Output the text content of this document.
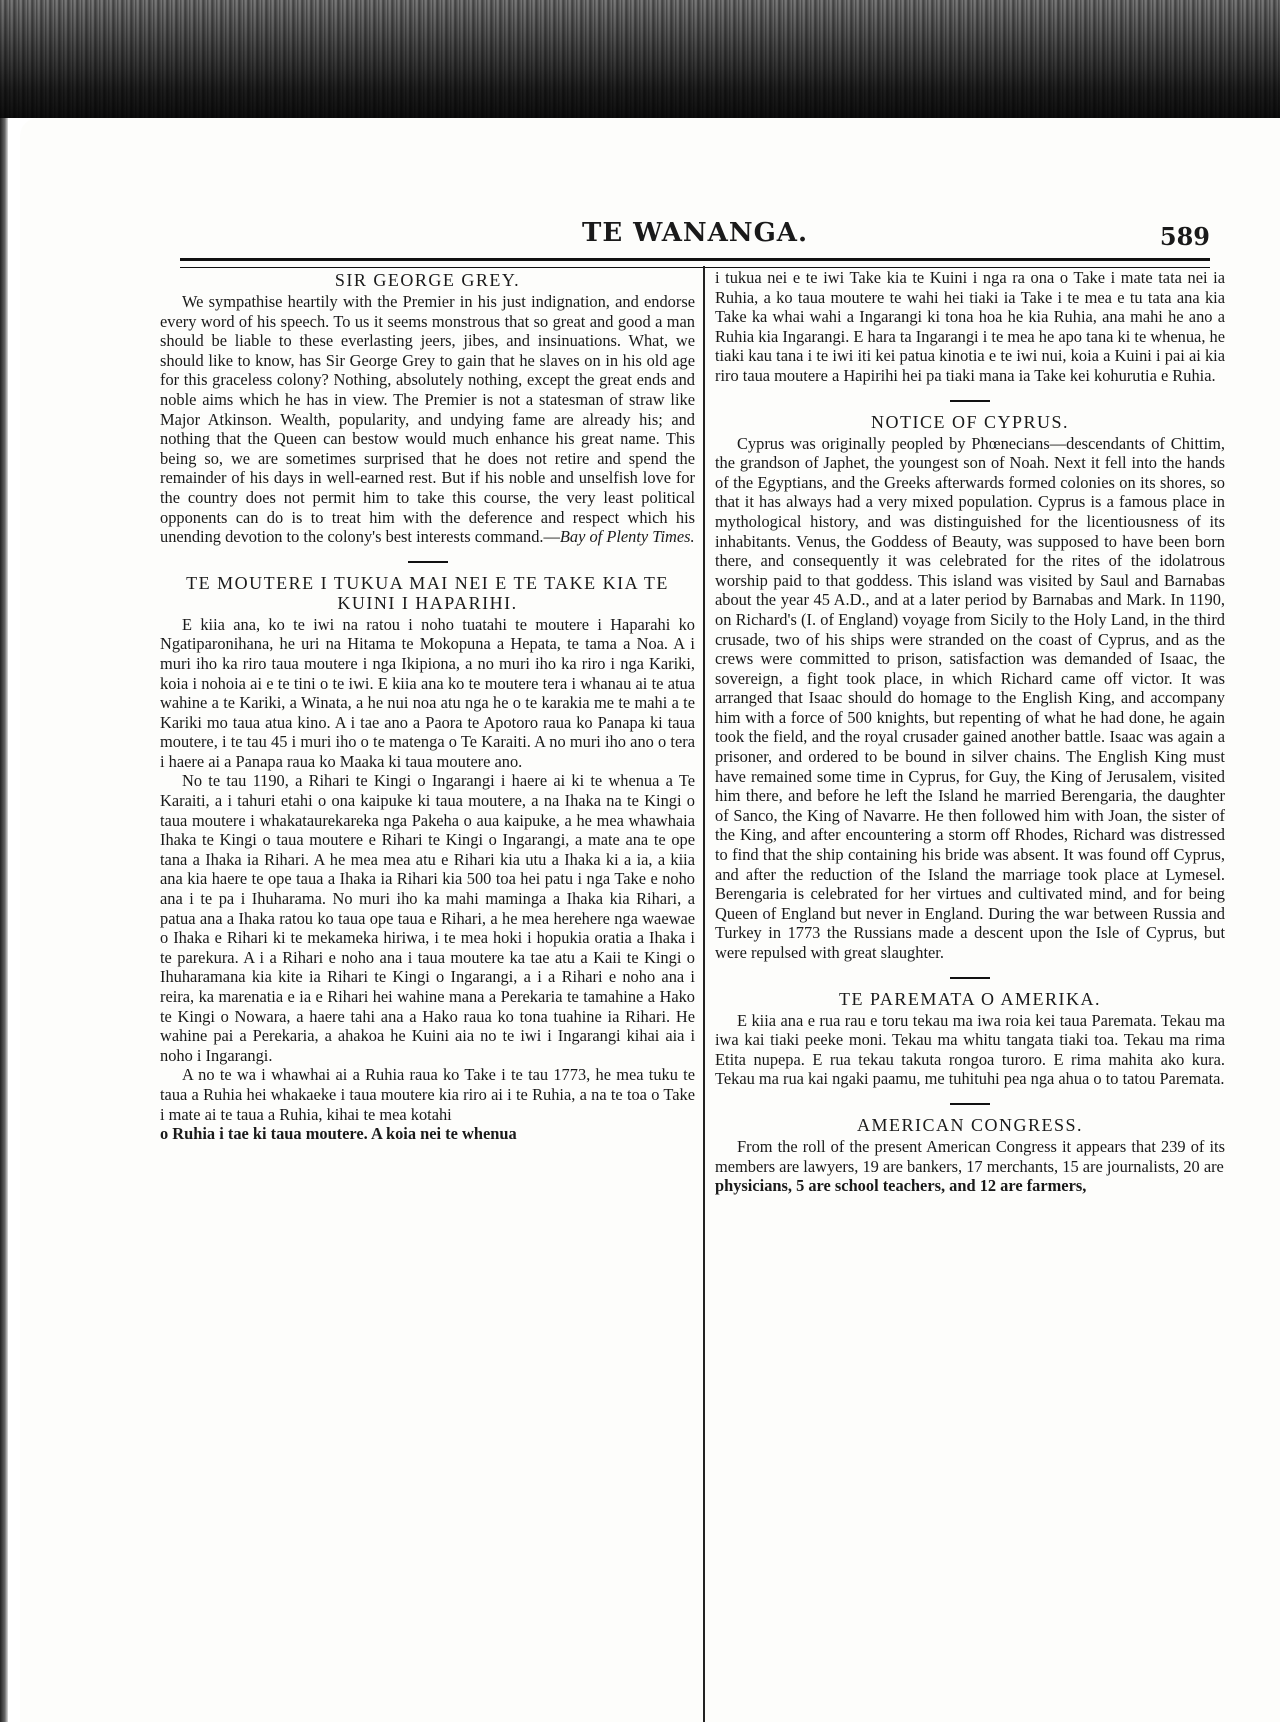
TE WANANGA.	589
SIR GEORGE GREY.

We sympathise heartily with the Premier in his just indignation, and endorse every word of his speech. To us it seems monstrous that so great and good a man should be liable to these everlasting jeers, jibes, and insinuations. What, we should like to know, has Sir George Grey to gain that he slaves on in his old age for this graceless colony? Nothing, absolutely nothing, except the great ends and noble aims which he has in view. The Premier is not a statesman of straw like Major Atkinson. Wealth, popularity, and undying fame are already his; and nothing that the Queen can bestow would much enhance his great name. This being so, we are sometimes surprised that he does not retire and spend the remainder of his days in well-earned rest. But if his noble and unselfish love for the country does not permit him to take this course, the very least political opponents can do is to treat him with the deference and respect which his unending devotion to the colony's best interests command.—Bay of Plenty Times.

TE MOUTERE I TUKUA MAI NEI E TE TAKE KIA TE KUINI I HAPARIHI.

E kiia ana, ko te iwi na ratou i noho tuatahi te moutere i Haparahi ko Ngatiparonihana, he uri na Hitama te Mokopuna a Hepata, te tama a Noa. A i muri iho ka riro taua moutere i nga Ikipiona, a no muri iho ka riro i nga Kariki, koia i nohoia ai e te tini o te iwi. E kiia ana ko te moutere tera i whanau ai te atua wahine a te Kariki, a Winata, a he nui noa atu nga he o te karakia me te mahi a te Kariki mo taua atua kino. A i tae ano a Paora te Apotoro raua ko Panapa ki taua moutere, i te tau 45 i muri iho o te matenga o Te Karaiti. A no muri iho ano o tera i haere ai a Panapa raua ko Maaka ki taua moutere ano.

No te tau 1190, a Rihari te Kingi o Ingarangi i haere ai ki te whenua a Te Karaiti, a i tahuri etahi o ona kaipuke ki taua moutere, a na Ihaka na te Kingi o taua moutere i whakataurekareka nga Pakeha o aua kaipuke, a he mea whawhaia Ihaka te Kingi o taua moutere e Rihari te Kingi o Ingarangi, a mate ana te ope tana a Ihaka ia Rihari. A he mea mea atu e Rihari kia utu a Ihaka ki a ia, a kiia ana kia haere te ope taua a Ihaka ia Rihari kia 500 toa hei patu i nga Take e noho ana i te pa i Ihuharama. No muri iho ka mahi maminga a Ihaka kia Rihari, a patua ana a Ihaka ratou ko taua ope taua e Rihari, a he mea herehere nga waewae o Ihaka e Rihari ki te mekameka hiriwa, i te mea hoki i hopukia oratia a Ihaka i te parekura. A i a Rihari e noho ana i taua moutere ka tae atu a Kaii te Kingi o Ihuharamana kia kite ia Rihari te Kingi o Ingarangi, a i a Rihari e noho ana i reira, ka marenatia e ia e Rihari hei wahine mana a Perekaria te tamahine a Hako te Kingi o Nowara, a haere tahi ana a Hako raua ko tona tuahine ia Rihari. He wahine pai a Perekaria, a ahakoa he Kuini aia no te iwi i Ingarangi kihai aia i noho i Ingarangi.

A no te wa i whawhai ai a Ruhia raua ko Take i te tau 1773, he mea tuku te taua a Ruhia hei whakaeke i taua moutere kia riro ai i te Ruhia, a na te toa o Take i mate ai te taua a Ruhia, kihai te mea kotahi

o Ruhia i tae ki taua moutere. A koia nei te whenua

i tukua nei e te iwi Take kia te Kuini i nga ra ona o Take i mate tata nei ia Ruhia, a ko taua moutere te wahi hei tiaki ia Take i te mea e tu tata ana kia Take ka whai wahi a Ingarangi ki tona hoa he kia Ruhia, ana mahi he ano a Ruhia kia Ingarangi. E hara ta Ingarangi i te mea he apo tana ki te whenua, he tiaki kau tana i te iwi iti kei patua kinotia e te iwi nui, koia a Kuini i pai ai kia riro taua moutere a Hapirihi hei pa tiaki mana ia Take kei kohurutia e Ruhia.

NOTICE OF CYPRUS.

Cyprus was originally peopled by Phœnecians—descendants of Chittim, the grandson of Japhet, the youngest son of Noah. Next it fell into the hands of the Egyptians, and the Greeks afterwards formed colonies on its shores, so that it has always had a very mixed population. Cyprus is a famous place in mythological history, and was distinguished for the licentiousness of its inhabitants. Venus, the Goddess of Beauty, was supposed to have been born there, and consequently it was celebrated for the rites of the idolatrous worship paid to that goddess. This island was visited by Saul and Barnabas about the year 45 A.D., and at a later period by Barnabas and Mark. In 1190, on Richard's (I. of England) voyage from Sicily to the Holy Land, in the third crusade, two of his ships were stranded on the coast of Cyprus, and as the crews were committed to prison, satisfaction was demanded of Isaac, the sovereign, a fight took place, in which Richard came off victor. It was arranged that Isaac should do homage to the English King, and accompany him with a force of 500 knights, but repenting of what he had done, he again took the field, and the royal crusader gained another battle. Isaac was again a prisoner, and ordered to be bound in silver chains. The English King must have remained some time in Cyprus, for Guy, the King of Jerusalem, visited him there, and before he left the Island he married Berengaria, the daughter of Sanco, the King of Navarre. He then followed him with Joan, the sister of the King, and after encountering a storm off Rhodes, Richard was distressed to find that the ship containing his bride was absent. It was found off Cyprus, and after the reduction of the Island the marriage took place at Lymesel. Berengaria is celebrated for her virtues and cultivated mind, and for being Queen of England but never in England. During the war between Russia and Turkey in 1773 the Russians made a descent upon the Isle of Cyprus, but were repulsed with great slaughter.

TE PAREMATA O AMERIKA.

E kiia ana e rua rau e toru tekau ma iwa roia kei taua Paremata. Tekau ma iwa kai tiaki peeke moni. Tekau ma whitu tangata tiaki toa. Tekau ma rima Etita nupepa. E rua tekau takuta rongoa turoro. E rima mahita ako kura. Tekau ma rua kai ngaki paamu, me tuhituhi pea nga ahua o to tatou Paremata.

AMERICAN CONGRESS.

From the roll of the present American Congress it appears that 239 of its members are lawyers, 19 are bankers, 17 merchants, 15 are journalists, 20 are

physicians, 5 are school teachers, and 12 are farmers,
